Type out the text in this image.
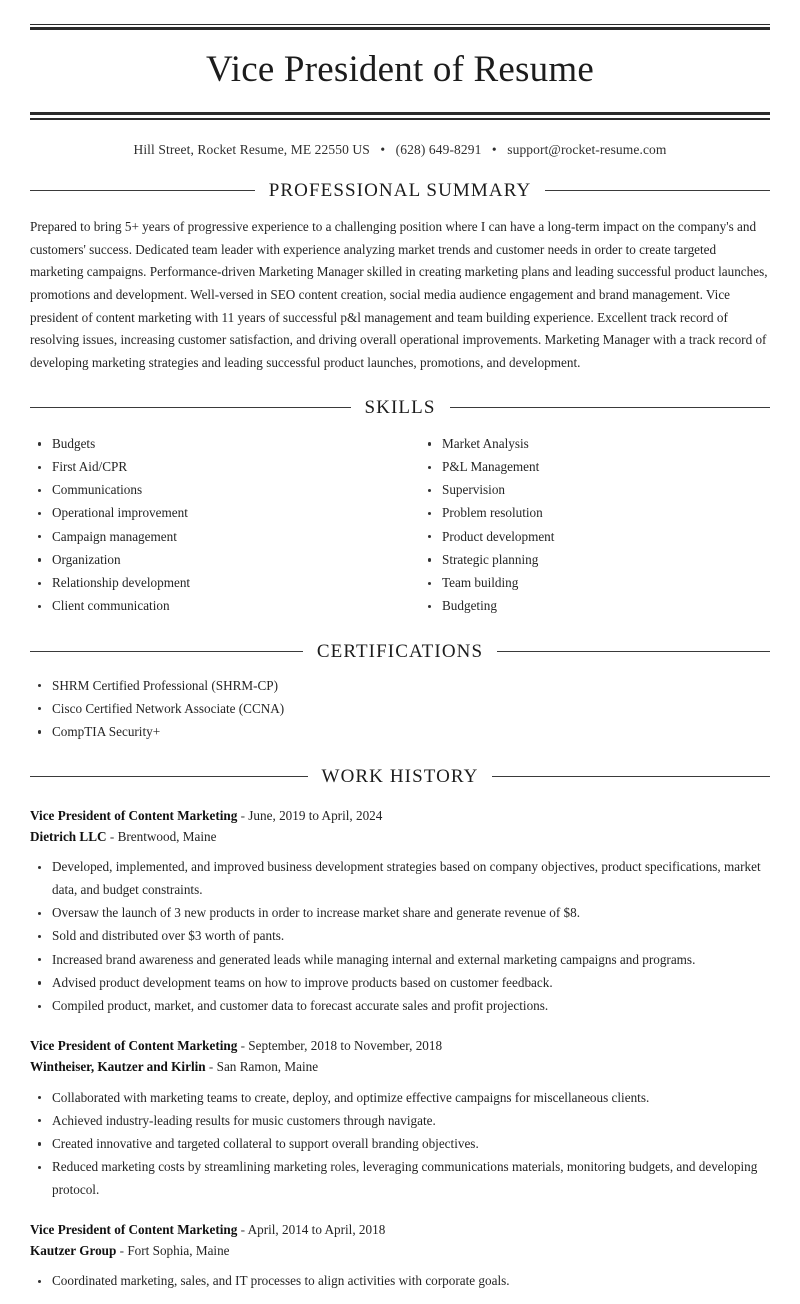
Vice President of Resume
Hill Street, Rocket Resume, ME 22550 US • (628) 649-8291 • support@rocket-resume.com
PROFESSIONAL SUMMARY

Prepared to bring 5+ years of progressive experience to a challenging position where I can have a long-term impact on the company's and customers' success. Dedicated team leader with experience analyzing market trends and customer needs in order to create targeted marketing campaigns. Performance-driven Marketing Manager skilled in creating marketing plans and leading successful product launches, promotions and development. Well-versed in SEO content creation, social media audience engagement and brand management. Vice president of content marketing with 11 years of successful p&l management and team building experience. Excellent track record of resolving issues, increasing customer satisfaction, and driving overall operational improvements. Marketing Manager with a track record of developing marketing strategies and leading successful product launches, promotions, and development.

SKILLS
Budgets
First Aid/CPR
Communications
Operational improvement
Campaign management
Organization
Relationship development
Client communication
Market Analysis
P&L Management
Supervision
Problem resolution
Product development
Strategic planning
Team building
Budgeting
CERTIFICATIONS
SHRM Certified Professional (SHRM-CP)
Cisco Certified Network Associate (CCNA)
CompTIA Security+
WORK HISTORY
Vice President of Content Marketing - June, 2019 to April, 2024
Dietrich LLC - Brentwood, Maine
Developed, implemented, and improved business development strategies based on company objectives, product specifications, market data, and budget constraints.
Oversaw the launch of 3 new products in order to increase market share and generate revenue of $8.
Sold and distributed over $3 worth of pants.
Increased brand awareness and generated leads while managing internal and external marketing campaigns and programs.
Advised product development teams on how to improve products based on customer feedback.
Compiled product, market, and customer data to forecast accurate sales and profit projections.
Vice President of Content Marketing - September, 2018 to November, 2018
Wintheiser, Kautzer and Kirlin - San Ramon, Maine
Collaborated with marketing teams to create, deploy, and optimize effective campaigns for miscellaneous clients.
Achieved industry-leading results for music customers through navigate.
Created innovative and targeted collateral to support overall branding objectives.
Reduced marketing costs by streamlining marketing roles, leveraging communications materials, monitoring budgets, and developing protocol.
Vice President of Content Marketing - April, 2014 to April, 2018
Kautzer Group - Fort Sophia, Maine
Coordinated marketing, sales, and IT processes to align activities with corporate goals.
